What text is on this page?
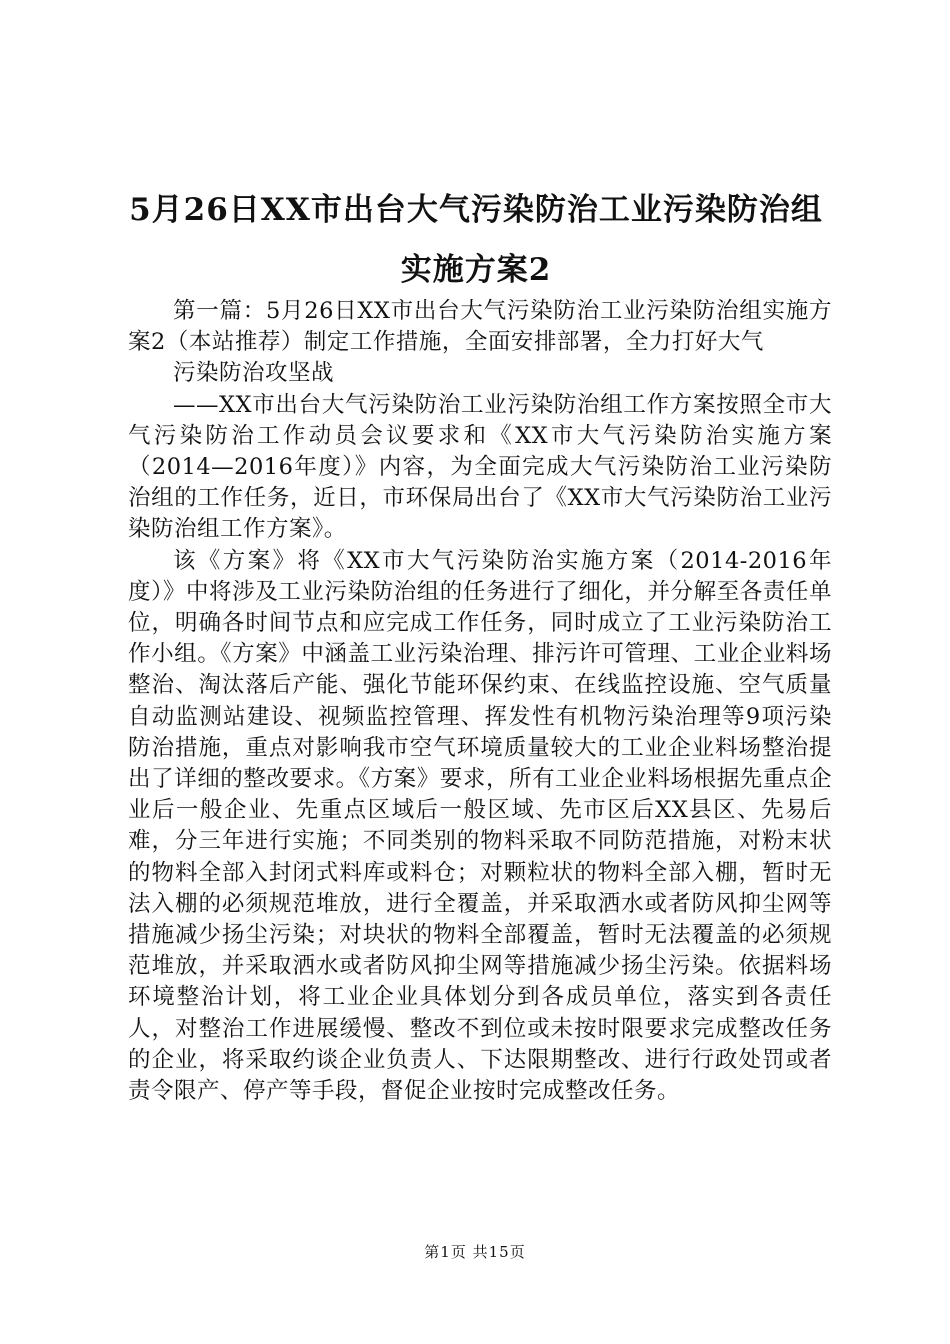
5月26日XX市出台大气污染防治工业污染防治组实施方案2

第一篇：5月26日XX市出台大气污染防治工业污染防治组实施方案2（本站推荐）制定工作措施，全面安排部署，全力打好大气

污染防治攻坚战

——XX市出台大气污染防治工业污染防治组工作方案按照全市大气污染防治工作动员会议要求和《XX市大气污染防治实施方案（2014—2016年度）》内容，为全面完成大气污染防治工业污染防治组的工作任务，近日，市环保局出台了《XX市大气污染防治工业污染防治组工作方案》。

该《方案》将《XX市大气污染防治实施方案（2014-2016年度）》中将涉及工业污染防治组的任务进行了细化，并分解至各责任单位，明确各时间节点和应完成工作任务，同时成立了工业污染防治工作小组。《方案》中涵盖工业污染治理、排污许可管理、工业企业料场整治、淘汰落后产能、强化节能环保约束、在线监控设施、空气质量自动监测站建设、视频监控管理、挥发性有机物污染治理等9项污染防治措施，重点对影响我市空气环境质量较大的工业企业料场整治提出了详细的整改要求。《方案》要求，所有工业企业料场根据先重点企业后一般企业、先重点区域后一般区域、先市区后XX县区、先易后难，分三年进行实施；不同类别的物料采取不同防范措施，对粉末状的物料全部入封闭式料库或料仓；对颗粒状的物料全部入棚，暂时无法入棚的必须规范堆放，进行全覆盖，并采取洒水或者防风抑尘网等措施减少扬尘污染；对块状的物料全部覆盖，暂时无法覆盖的必须规范堆放，并采取洒水或者防风抑尘网等措施减少扬尘污染。依据料场环境整治计划，将工业企业具体划分到各成员单位，落实到各责任人，对整治工作进展缓慢、整改不到位或未按时限要求完成整改任务的企业，将采取约谈企业负责人、下达限期整改、进行行政处罚或者责令限产、停产等手段，督促企业按时完成整改任务。

第1页 共15页
